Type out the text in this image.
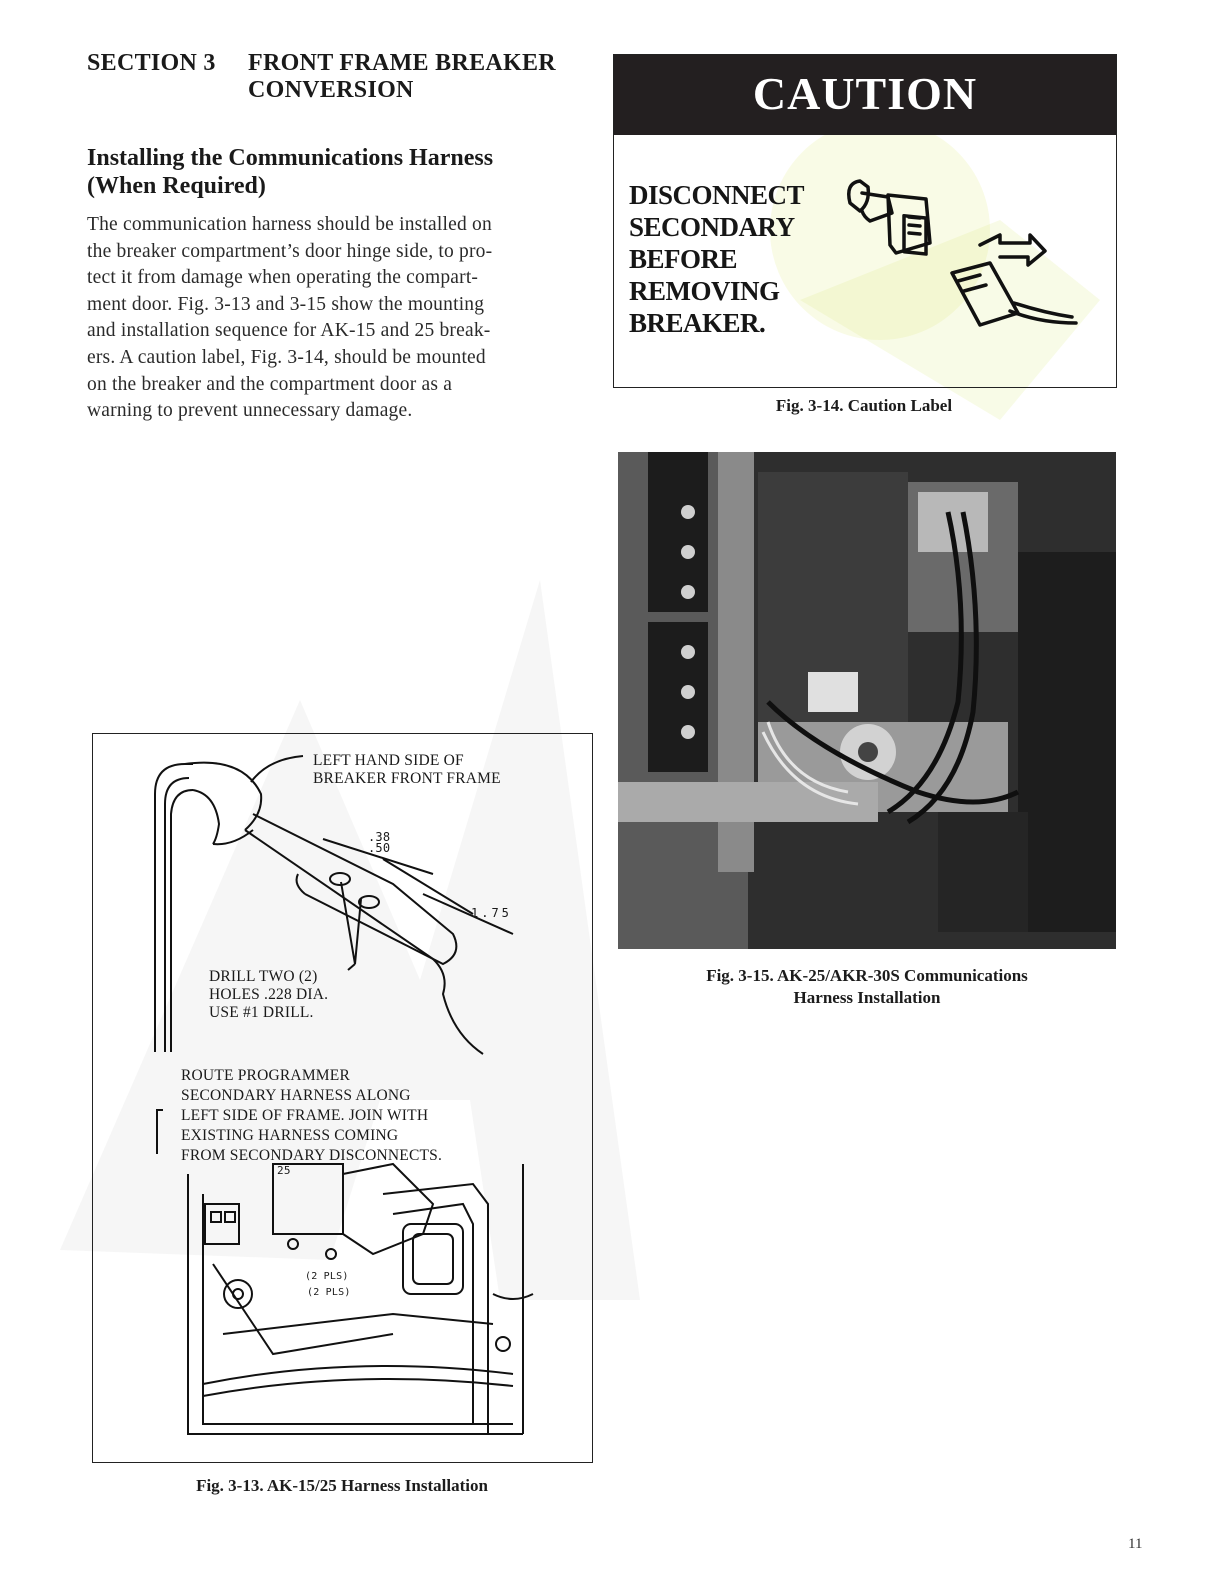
SECTION 3 FRONT FRAME BREAKER
CONVERSION
Installing the Communications Harness
(When Required)
The communication harness should be installed on
the breaker compartment’s door hinge side, to pro-
tect it from damage when operating the compart-
ment door. Fig. 3-13 and 3-15 show the mounting
and installation sequence for AK-15 and 25 break-
ers. A caution label, Fig. 3-14, should be mounted
on the breaker and the compartment door as a
warning to prevent unnecessary damage.
CAUTION
DISCONNECT
SECONDARY
BEFORE
REMOVING
BREAKER.
Fig. 3-14. Caution Label
Fig. 3-15. AK-25/AKR-30S Communications
Harness Installation
LEFT HAND SIDE OF
BREAKER FRONT FRAME
.38
.50
1.75
DRILL TWO (2)
HOLES .228 DIA.
USE #1 DRILL.
ROUTE PROGRAMMER
SECONDARY HARNESS ALONG
LEFT SIDE OF FRAME. JOIN WITH
EXISTING HARNESS COMING
FROM SECONDARY DISCONNECTS.
25
(2 PLS)
(2 PLS)
Fig. 3-13. AK-15/25 Harness Installation
11
